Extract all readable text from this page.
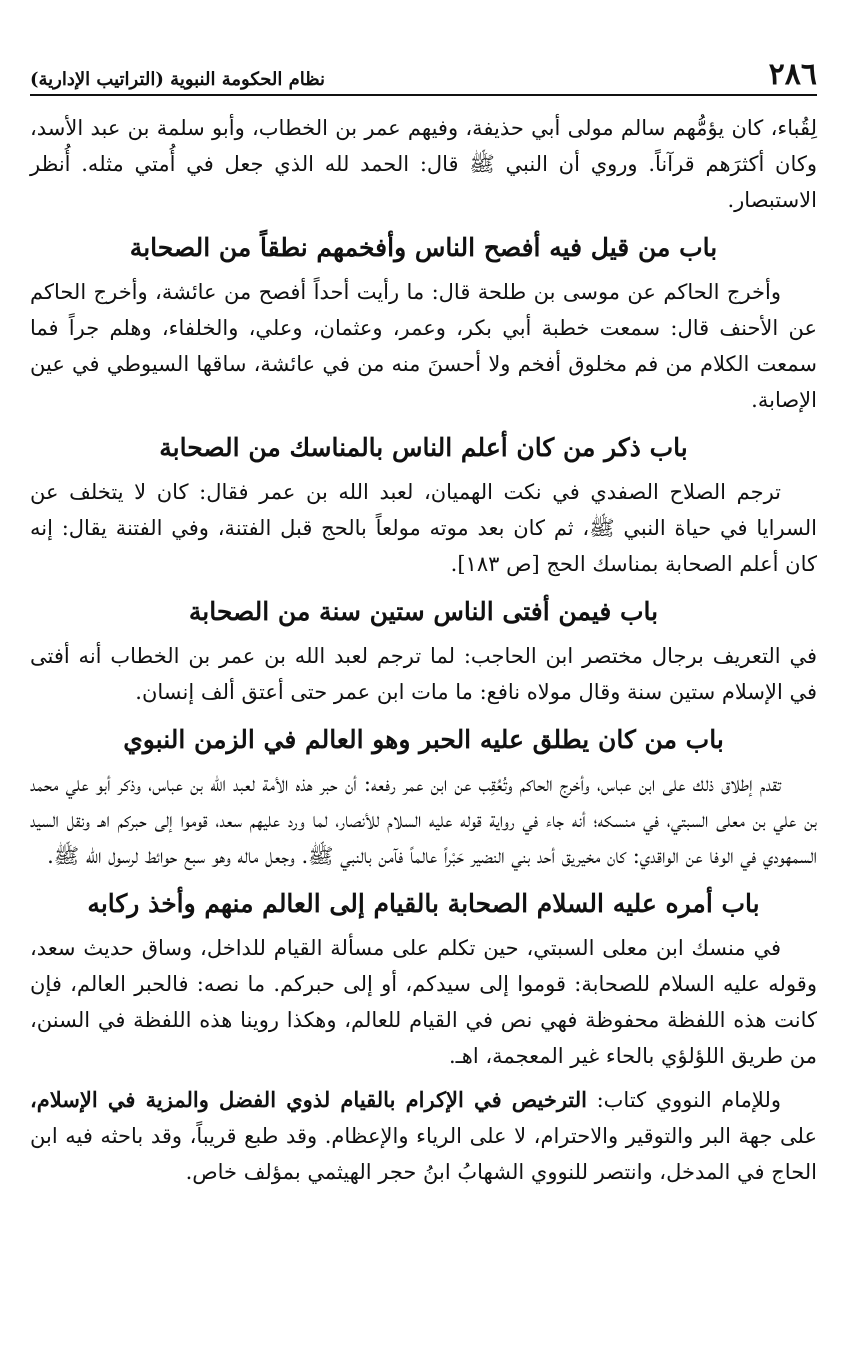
٢٨٦
نظام الحكومة النبوية (التراتيب الإدارية)

لِقُباء، كان يؤمُّهم سالم مولى أبي حذيفة، وفيهم عمر بن الخطاب، وأبو سلمة بن عبد الأسد، وكان أكثرَهم قرآناً. وروي أن النبي ﷺ قال: الحمد لله الذي جعل في أُمتي مثله. أُنظر الاستبصار.

باب من قيل فيه أفصح الناس وأفخمهم نطقاً من الصحابة

وأخرج الحاكم عن موسى بن طلحة قال: ما رأيت أحداً أفصح من عائشة، وأخرج الحاكم عن الأحنف قال: سمعت خطبة أبي بكر، وعمر، وعثمان، وعلي، والخلفاء، وهلم جراً فما سمعت الكلام من فم مخلوق أفخم ولا أحسنَ منه من في عائشة، ساقها السيوطي في عين الإصابة.

باب ذكر من كان أعلم الناس بالمناسك من الصحابة

ترجم الصلاح الصفدي في نكت الهميان، لعبد الله بن عمر فقال: كان لا يتخلف عن السرايا في حياة النبي ﷺ، ثم كان بعد موته مولعاً بالحج قبل الفتنة، وفي الفتنة يقال: إنه كان أعلم الصحابة بمناسك الحج [ص ١٨٣].

باب فيمن أفتى الناس ستين سنة من الصحابة

في التعريف برجال مختصر ابن الحاجب: لما ترجم لعبد الله بن عمر بن الخطاب أنه أفتى في الإسلام ستين سنة وقال مولاه نافع: ما مات ابن عمر حتى أعتق ألف إنسان.

باب من كان يطلق عليه الحبر وهو العالم في الزمن النبوي

تقدم إطلاق ذلك على ابن عباس، وأخرج الحاكم وتُعُقِب عن ابن عمر رفعه: أن حبر هذه الأمة لعبد الله بن عباس، وذكر أبو علي محمد بن علي بن معلى السبتي، في منسكه؛ أنه جاء في رواية قوله عليه السلام للأنصار، لما ورد عليهم سعد، قوموا إلى حبركم اهـ ونقل السيد السمهودي في الوفا عن الواقدي: كان مخيريق أحد بني النضير حَبْراً عالماً فآمن بالنبي ﷺ. وجعل ماله وهو سبع حوائط لرسول الله ﷺ.

باب أمره عليه السلام الصحابة بالقيام إلى العالم منهم وأخذ ركابه

في منسك ابن معلى السبتي، حين تكلم على مسألة القيام للداخل، وساق حديث سعد، وقوله عليه السلام للصحابة: قوموا إلى سيدكم، أو إلى حبركم. ما نصه: فالحبر العالم، فإن كانت هذه اللفظة محفوظة فهي نص في القيام للعالم، وهكذا روينا هذه اللفظة في السنن، من طريق اللؤلؤي بالحاء غير المعجمة، اهـ.

وللإمام النووي كتاب: الترخيص في الإكرام بالقيام لذوي الفضل والمزية في الإسلام، على جهة البر والتوقير والاحترام، لا على الرياء والإعظام. وقد طبع قريباً، وقد باحثه فيه ابن الحاج في المدخل، وانتصر للنووي الشهابُ ابنُ حجر الهيثمي بمؤلف خاص.
